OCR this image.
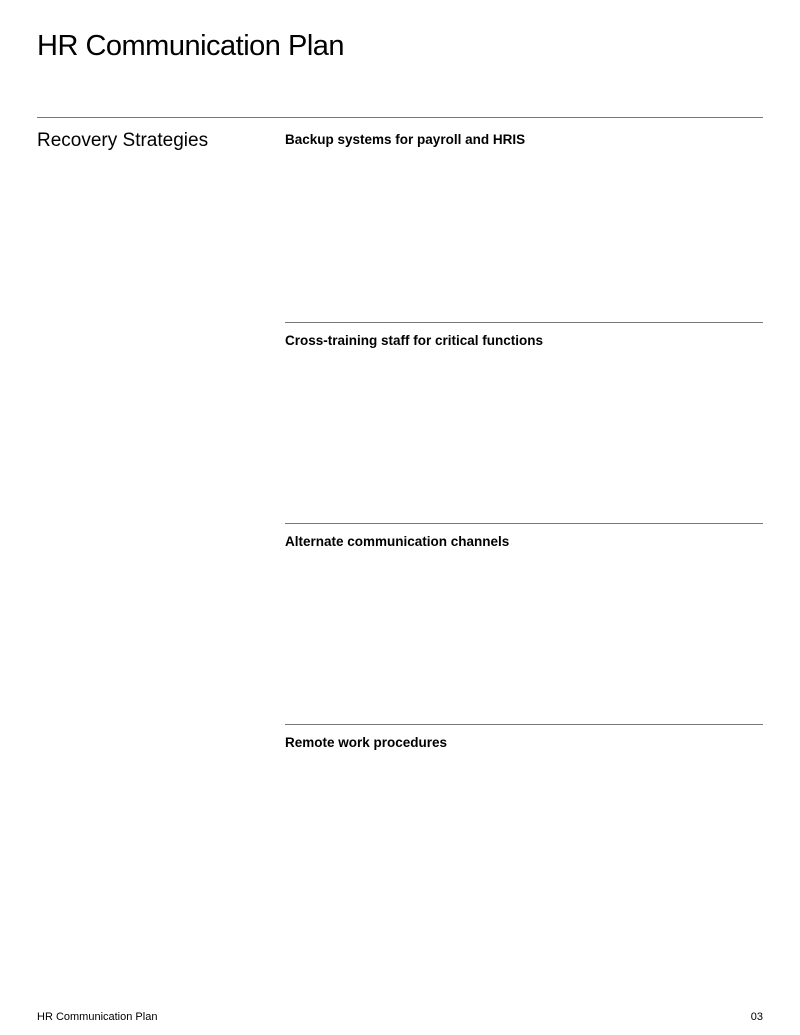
HR Communication Plan
Recovery Strategies	Backup systems for payroll and HRIS
Cross-training staff for critical functions
Alternate communication channels
Remote work procedures
HR Communication Plan	03
